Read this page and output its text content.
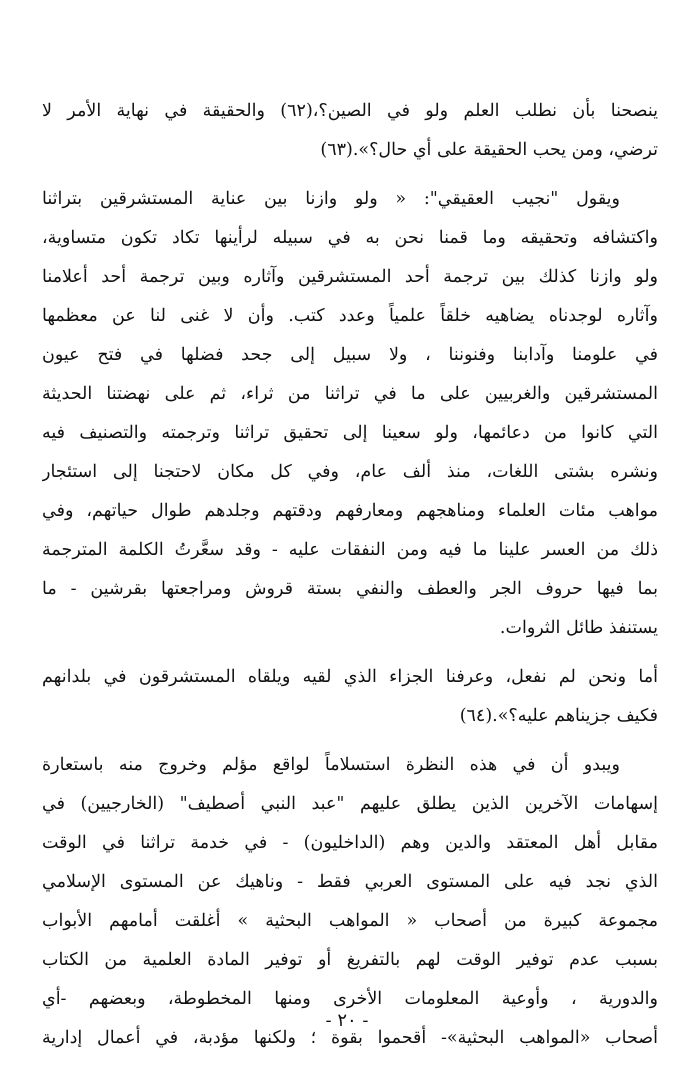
ينصحنا بأن نطلب العلم ولو في الصين؟،(٦٢) والحقيقة في نهاية الأمر لا
ترضي، ومن يحب الحقيقة على أي حال؟».(٦٣)
ويقول "نجيب العقيقي": « ولو وازنا بين عناية المستشرقين بتراثنا
واكتشافه وتحقيقه وما قمنا نحن به في سبيله لرأينها تكاد تكون متساوية،
ولو وازنا كذلك بين ترجمة أحد المستشرقين وآثاره وبين ترجمة أحد أعلامنا
وآثاره لوجدناه يضاهيه خلقاً علمياً وعدد كتب. وأن لا غنى لنا عن معظمها
في علومنا وآدابنا وفنوننا ، ولا سبيل إلى جحد فضلها في فتح عيون
المستشرقين والغربيين على ما في تراثنا من ثراء، ثم على نهضتنا الحديثة
التي كانوا من دعائمها، ولو سعينا إلى تحقيق تراثنا وترجمته والتصنيف فيه
ونشره بشتى اللغات، منذ ألف عام، وفي كل مكان لاحتجنا إلى استئجار
مواهب مئات العلماء ومناهجهم ومعارفهم ودقتهم وجلدهم طوال حياتهم، وفي
ذلك من العسر علينا ما فيه ومن النفقات عليه - وقد سعَّرتُ الكلمة المترجمة
بما فيها حروف الجر والعطف والنفي بستة قروش ومراجعتها بقرشين - ما
يستنفذ طائل الثروات.
أما ونحن لم نفعل، وعرفنا الجزاء الذي لقيه ويلقاه المستشرقون في بلدانهم
فكيف جزيناهم عليه؟».(٦٤)
ويبدو أن في هذه النظرة استسلاماً لواقع مؤلم وخروج منه باستعارة
إسهامات الآخرين الذين يطلق عليهم "عبد النبي أصطيف" (الخارجيين) في
مقابل أهل المعتقد والدين وهم (الداخليون) - في خدمة تراثنا في الوقت
الذي نجد فيه على المستوى العربي فقط - وناهيك عن المستوى الإسلامي
مجموعة كبيرة من أصحاب « المواهب البحثية » أغلقت أمامهم الأبواب
بسبب عدم توفير الوقت لهم بالتفريغ أو توفير المادة العلمية من الكتاب
والدورية ، وأوعية المعلومات الأخرى ومنها المخطوطة، وبعضهم -أي
أصحاب «المواهب البحثية»- أقحموا بقوة ؛ ولكنها مؤدبة، في أعمال إدارية
- ٢٠ -
